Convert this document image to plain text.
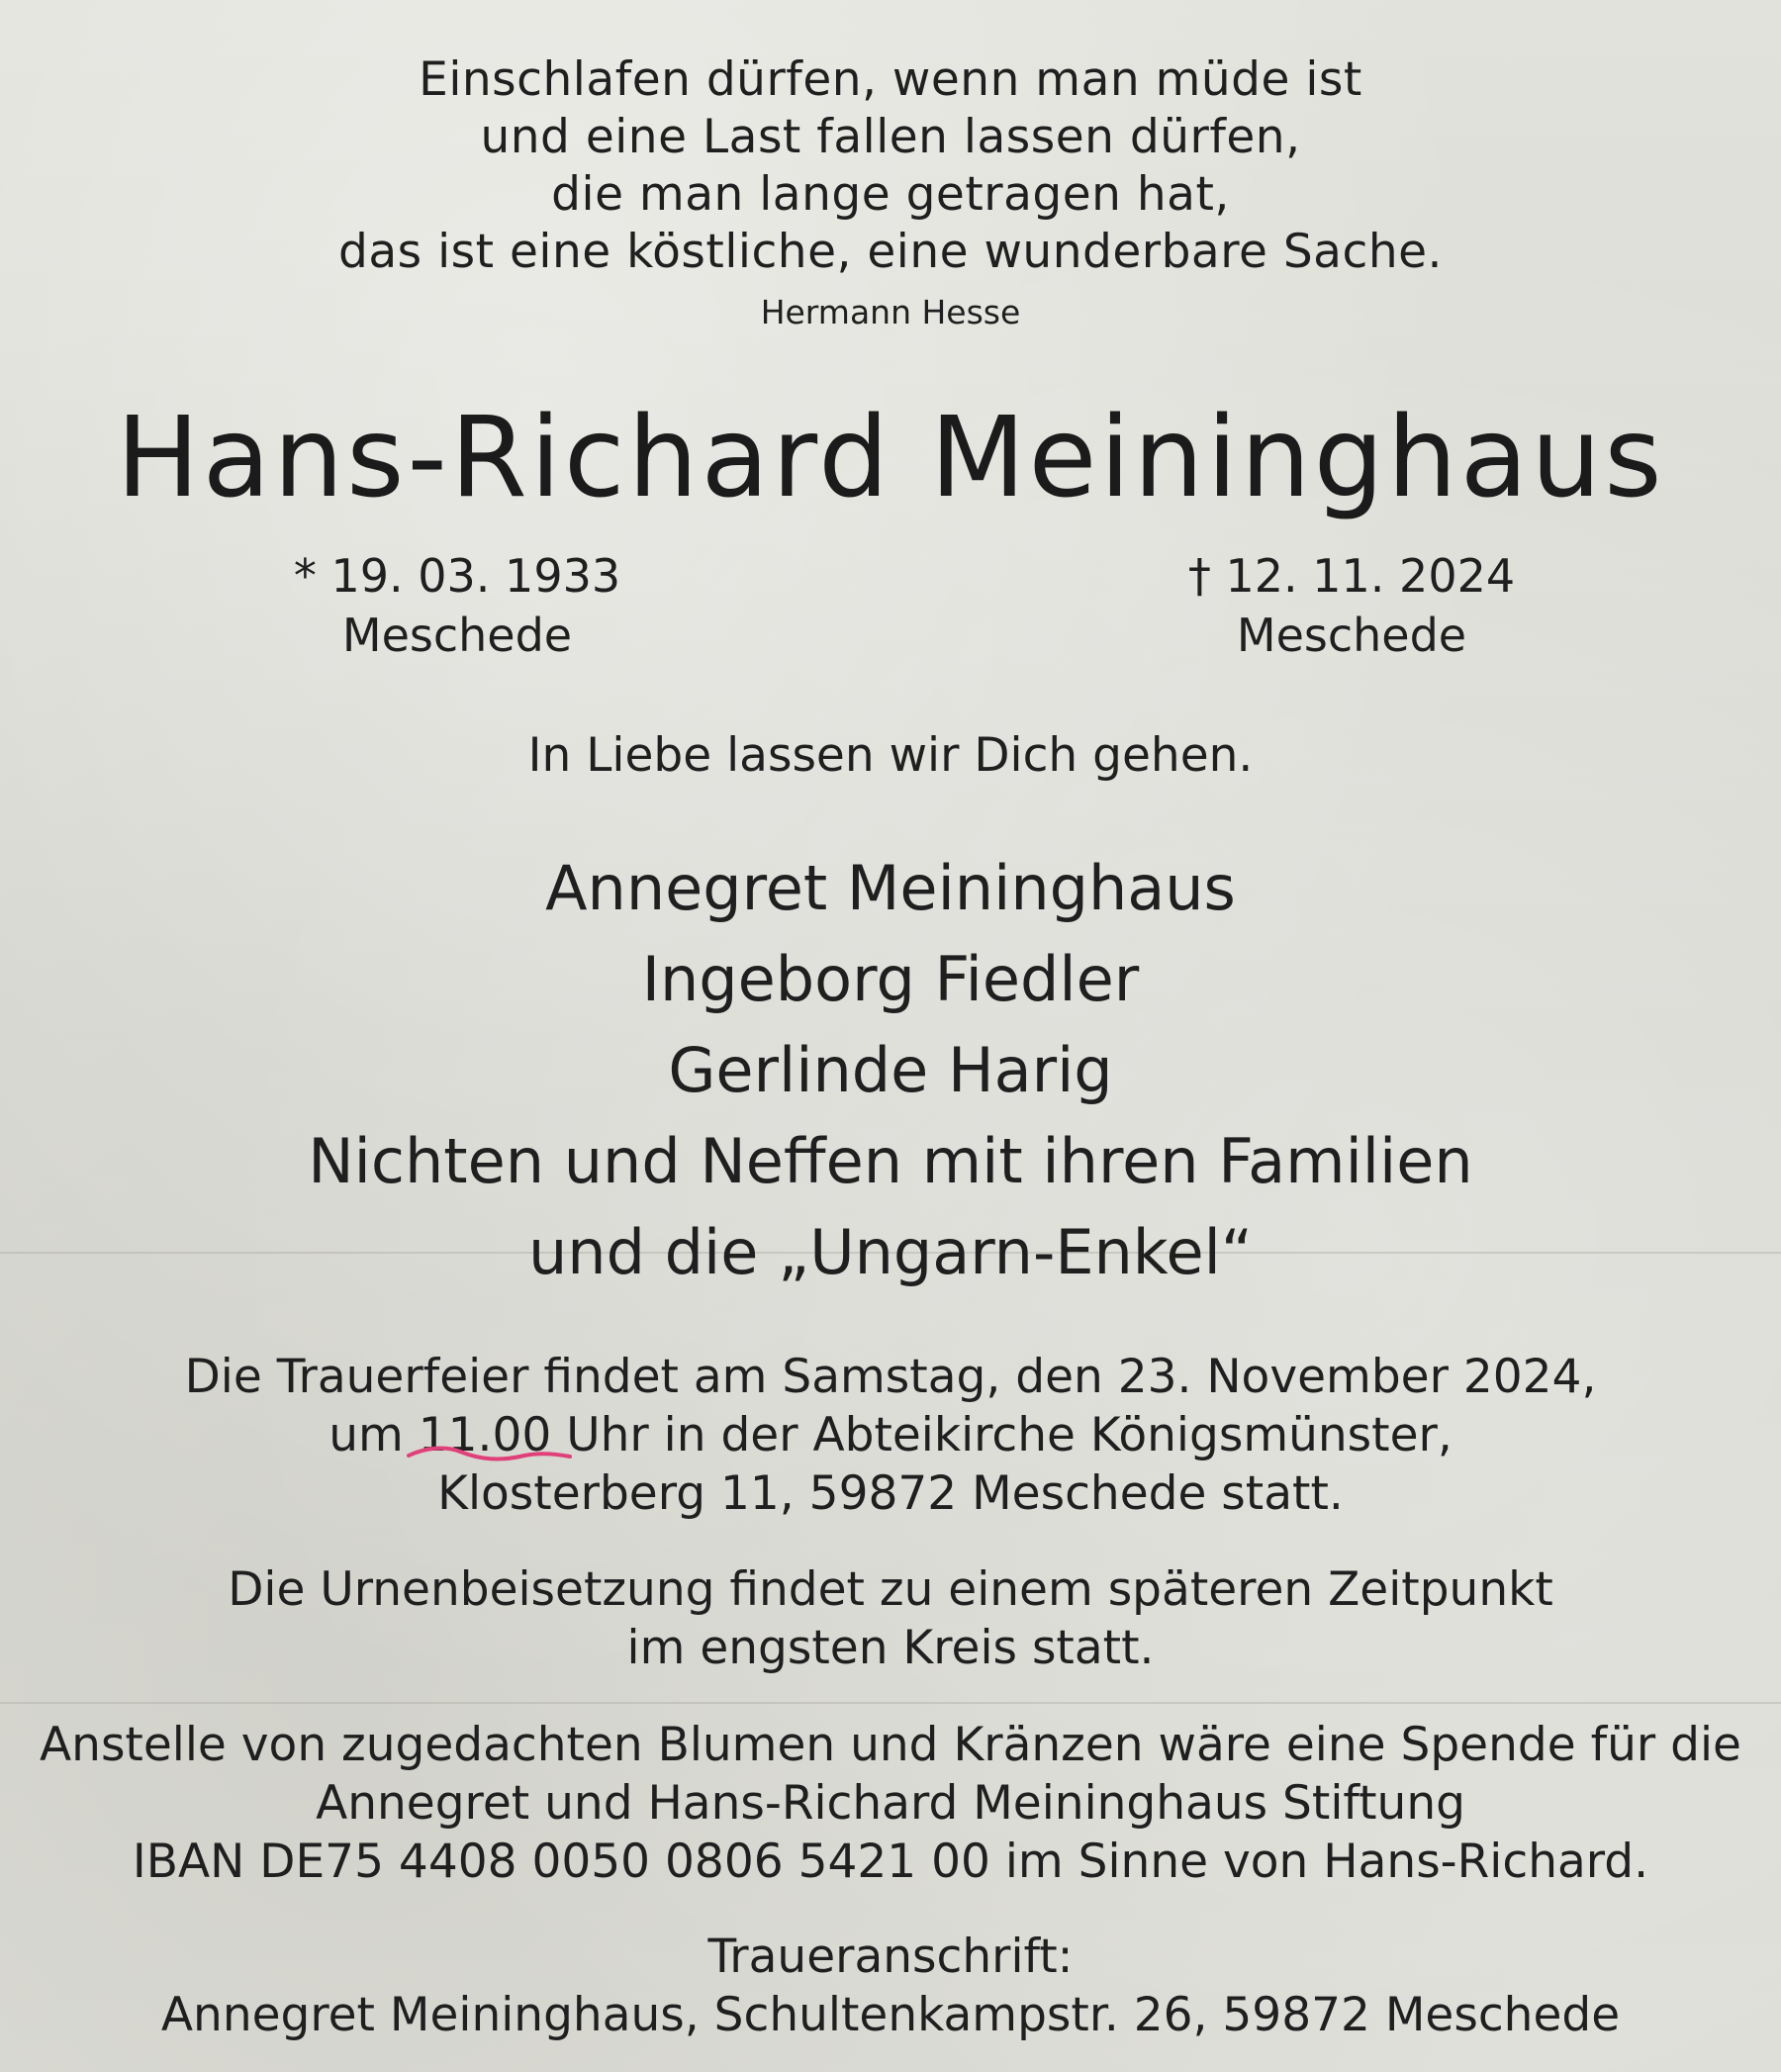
Einschlafen dürfen, wenn man müde ist

und eine Last fallen lassen dürfen,

die man lange getragen hat,

das ist eine köstliche, eine wunderbare Sache.

Hermann Hesse

Hans-Richard Meininghaus
* 19. 03. 1933
Meschede
† 12. 11. 2024
Meschede

In Liebe lassen wir Dich gehen.

Annegret Meininghaus

Ingeborg Fiedler

Gerlinde Harig

Nichten und Neffen mit ihren Familien

und die „Ungarn-Enkel“

Die Trauerfeier findet am Samstag, den 23. November 2024,

um 11.00 Uhr in der Abteikirche Königsmünster,

Klosterberg 11, 59872 Meschede statt.

Die Urnenbeisetzung findet zu einem späteren Zeitpunkt

im engsten Kreis statt.

Anstelle von zugedachten Blumen und Kränzen wäre eine Spende für die

Annegret und Hans-Richard Meininghaus Stiftung

IBAN DE75 4408 0050 0806 5421 00 im Sinne von Hans-Richard.

Traueranschrift:

Annegret Meininghaus, Schultenkampstr. 26, 59872 Meschede
